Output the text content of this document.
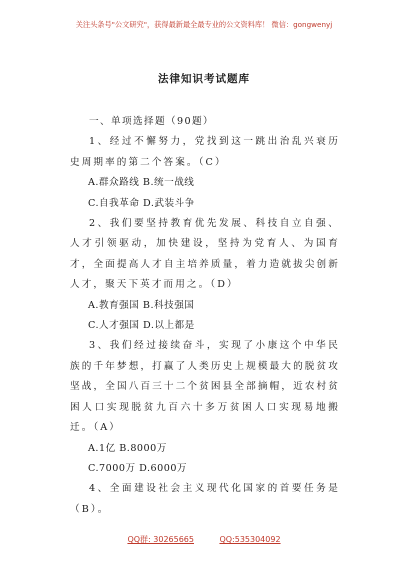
关注头条号"公文研究"，获得最新最全最专业的公文资料库！ 微信：gongwenyj
法律知识考试题库

一、单项选择题（90题）

1、经过不懈努力，党找到这一跳出治乱兴衰历史周期率的第二个答案。（C）

A.群众路线 B.统一战线

C.自我革命 D.武装斗争

2、我们要坚持教育优先发展、科技自立自强、人才引领驱动，加快建设，坚持为党育人、为国育才，全面提高人才自主培养质量，着力造就拔尖创新人才，聚天下英才而用之。（D）

A.教育强国 B.科技强国

C.人才强国 D.以上都是

3、我们经过接续奋斗，实现了小康这个中华民族的千年梦想，打赢了人类历史上规模最大的脱贫攻坚战，全国八百三十二个贫困县全部摘帽，近农村贫困人口实现脱贫九百六十多万贫困人口实现易地搬迁。（A）

A.1亿 B.8000万

C.7000万 D.6000万

4、全面建设社会主义现代化国家的首要任务是（B）。

QQ群: 30265665	QQ:535304092
